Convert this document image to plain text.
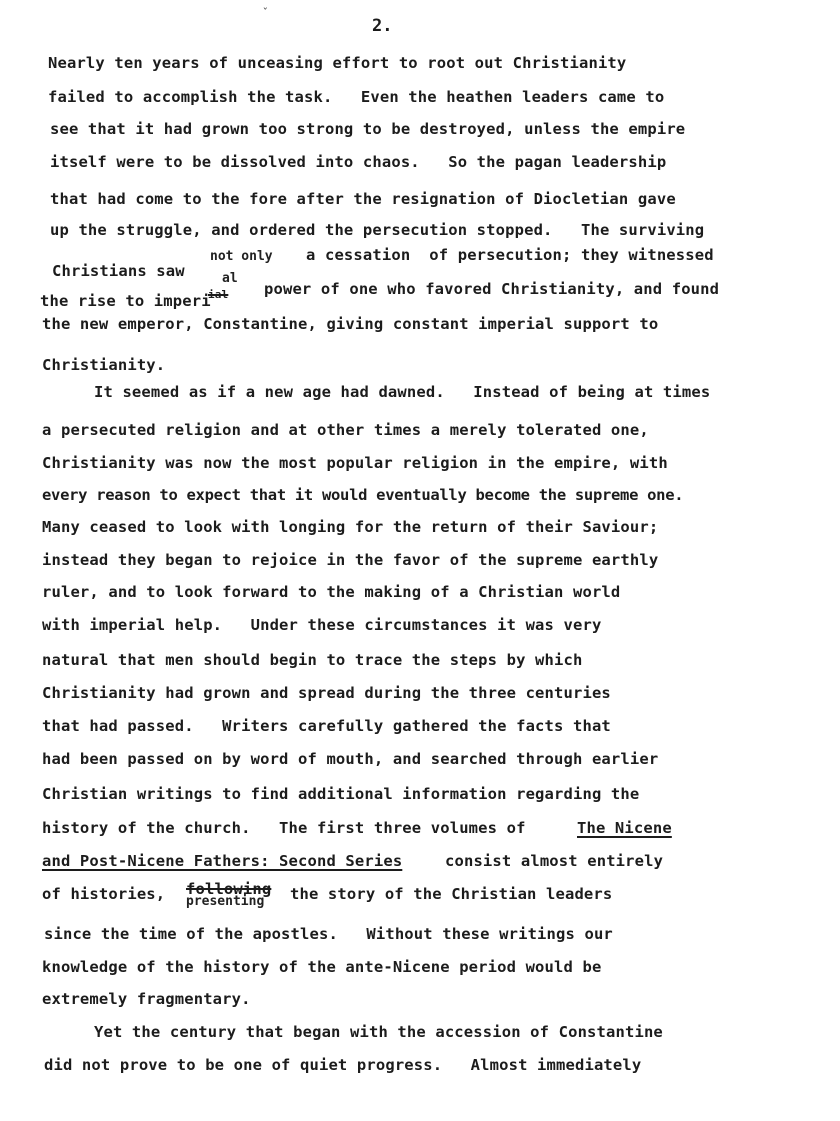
2.
ˇ
Nearly ten years of unceasing effort to root out Christianity
failed to accomplish the task.   Even the heathen leaders came to
see that it had grown too strong to be destroyed, unless the empire
itself were to be dissolved into chaos.   So the pagan leadership
that had come to the fore after the resignation of Diocletian gave
up the struggle, and ordered the persecution stopped.   The surviving
Christians saw
not only a cessation  of persecution; they witnessed
al
the rise to imperi
ial power of one who favored Christianity, and found
the new emperor, Constantine, giving constant imperial support to
Christianity.
It seemed as if a new age had dawned.   Instead of being at times
a persecuted religion and at other times a merely tolerated one,
Christianity was now the most popular religion in the empire, with
every reason to expect that it would eventually become the supreme one.
Many ceased to look with longing for the return of their Saviour;
instead they began to rejoice in the favor of the supreme earthly
ruler, and to look forward to the making of a Christian world
with imperial help.   Under these circumstances it was very
natural that men should begin to trace the steps by which
Christianity had grown and spread during the three centuries
that had passed.   Writers carefully gathered the facts that
had been passed on by word of mouth, and searched through earlier
Christian writings to find additional information regarding the
history of the church.   The first three volumes of	The Nicene
and Post-Nicene Fathers: Second Series	consist almost entirely
of histories, following
presenting the story of the Christian leaders
since the time of the apostles.   Without these writings our
knowledge of the history of the ante-Nicene period would be
extremely fragmentary.
Yet the century that began with the accession of Constantine
did not prove to be one of quiet progress.   Almost immediately
